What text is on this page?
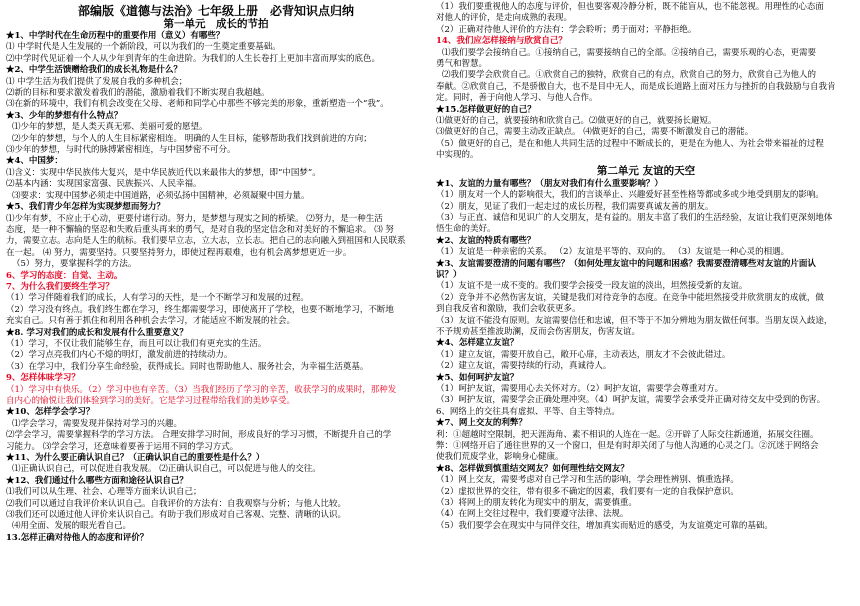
部编版《道德与法治》七年级上册　必背知识点归纳

第一单元　成长的节拍

★1、中学时代在生命历程中的重要作用（意义）有哪些？

⑴ 中学时代是人生发展的一个新阶段，可以为我们的一生奠定重要基础。

⑵中学时代见证着一个人从少年到青年的生命进阶。为我们的人生长卷打上更加丰富而厚实的底色。

★2、中学生活馈赠给我们的成长礼物是什么？

⑴ 中学生活为我们提供了发展自我的多种机会；

⑵新的目标和要求激发着我们的潜能，激励着我们不断实现自我超越。

⑶在新的环境中，我们有机会改变在父母、老师和同学心中那些不够完美的形象，重新塑造一个“我”。

★3、少年的梦想有什么特点？

⑴少年的梦想，是人类天真无邪、美丽可爱的愿望。

⑵少年的梦想，与个人的人生目标紧密相连。 明确的人生目标，能够帮助我们找到前进的方向；

⑶少年的梦想，与时代的脉搏紧密相连，与中国梦密不可分。

★4、中国梦：

⑴含义：实现中华民族伟大复兴，是中华民族近代以来最伟大的梦想，即“中国梦”。

⑵基本内涵：实现国家富强、民族振兴、人民幸福。

⑶要求：实现中国梦必须走中国道路，必须弘扬中国精神，必须凝聚中国力量。

★5、我们青少年怎样为实现梦想而努力？

⑴少年有梦，不应止于心动，更要付诸行动。努力，是梦想与现实之间的桥梁。 ⑵努力，是一种生活

态度，是一种不懈输的坚忍和失败后重头再来的勇气，是对自我的坚定信念和对美好的不懈追求。 ⑶ 努

力，需要立志。志向是人生的航标。我们要早立志，立大志，立长志。把自己的志向融入到祖国和人民联系

在一起。 ⑷ 努力，需要坚持。只要坚持努力，即使过程再艰难，也有机会离梦想更近一步。

（5）努力，要掌握科学的方法。

6、学习的态度：自觉、主动。

7、为什么我们要终生学习？

（1）学习伴随着我们的成长，人有学习的天性，是一个不断学习和发展的过程。

（2）学习没有终点。我们终生都在学习，终生都需要学习，即使离开了学校，也要不断地学习，不断地

充实自己。只有善于抓住和利用各种机会去学习，才能适应不断发展的社会。

★8. 学习对我们的成长和发展有什么重要意义？

（1）学习，不仅让我们能够生存，而且可以让我们有更充实的生活。

（2）学习点亮我们内心不熄的明灯，激发前进的持续动力。

（3）在学习中，我们分享生命经验，获得成长。同时也帮助他人、服务社会，为幸福生活奠基。

9、怎样体味学习？

（1）学习中有快乐。（2）学习中也有辛苦。（3）当我们经历了学习的辛苦，收获学习的成果时，那种发

自内心的愉悦让我们体验到学习的美好。它是学习过程带给我们的美妙享受。

★10、怎样学会学习？

⑴学会学习，需要发现并保持对学习的兴趣。

⑵学会学习，需要掌握科学的学习方法。 合理安排学习时间，形成良好的学习习惯，不断提升自己的学

习能力。 ⑶学会学习，还意味着要善于运用不同的学习方式。

★11、为什么要正确认识自己？（正确认识自己的重要性是什么？）

⑴正确认识自己，可以促进自我发展。 ⑵正确认识自己，可以促进与他人的交往。

★12、我们通过什么哪些方面和途径认识自己？

⑴我们可以从生理、社会、心理等方面来认识自己；

⑵我们可以通过自我评价来认识自己。自我评价的方法有：自我观察与分析；与他人比较。

⑶我们还可以通过他人评价来认识自己。有助于我们形成对自己客观、完整、清晰的认识。

⑷用全面、发展的眼光看自己。

13.怎样正确对待他人的态度和评价？

（1）我们要重视他人的态度与评价，但也要客观冷静分析，既不能盲从，也不能忽视。用理性的心态面

对他人的评价，是走向成熟的表现。

（2）正确对待他人评价的方法有：学会聆听；勇于面对；平静拒绝。

14、我们应怎样接纳与欣赏自己？

⑴我们要学会接纳自己。①接纳自己，需要接纳自己的全部。②接纳自己，需要乐观的心态，更需要

勇气和智慧。

⑵我们要学会欣赏自己。①欣赏自己的独特，欣赏自己的有点，欣赏自己的努力，欣赏自己为他人的

奉献。②欣赏自己，不是骄傲自大，也不是目中无人，而是成长道路上面对压力与挫折的自我鼓励与自我肯

定。同时，善于向他人学习、与他人合作。

★15.怎样做更好的自己？

⑴做更好的自己，就要接纳和欣赏自己。⑵做更好的自己，就要扬长避短。

⑶做更好的自己，需要主动改正缺点。 ⑷做更好的自己，需要不断激发自己的潜能。

（5）做更好的自己，是在和他人共同生活的过程中不断成长的，更是在为他人、为社会带来福祉的过程

中实现的。

第二单元 友谊的天空

★1、友谊的力量有哪些？（朋友对我们有什么重要影响？）

（1）朋友对一个人的影响很大，我们的言谈举止、兴趣爱好甚至性格等都或多或少地受到朋友的影响。

（2）朋友，见证了我们一起走过的成长历程，我们需要真诚友善的朋友。

（3）与正直、诚信和见识广的人交朋友，是有益的。朋友丰富了我们的生活经验，友谊让我们更深刻地体

悟生命的美好。

★2、友谊的特质有哪些？

（1）友谊是一种亲密的关系。 （2）友谊是平等的、双向的。 （3）友谊是一种心灵的相遇。

★3、友谊需要澄清的问题有哪些？（如何处理友谊中的问题和困惑？我需要澄清哪些对友谊的片面认

识？）

（1）友谊不是一成不变的。我们要学会接受一段友谊的淡出，坦然接受新的友谊。

（2）竞争并不必然伤害友谊，关键是我们对待竞争的态度。在竞争中能坦然接受并欣赏朋友的成就，做

到自我反省和激励，我们会收获更多。

（3）友谊不能没有原则。友谊需要信任和忠诚，但不等于不加分辨地为朋友做任何事。当朋友误入歧途，

不予规劝甚至推波助澜，反而会伤害朋友，伤害友谊。

★4、怎样建立友谊？

（1）建立友谊，需要开放自己，敞开心扉，主动表达，朋友才不会彼此错过。

（2）建立友谊，需要持续的行动，真诚待人。

★5、如何呵护友谊？

（1）呵护友谊，需要用心去关怀对方。（2）呵护友谊，需要学会尊重对方。

（3）呵护友谊，需要学会正确处理冲突。（4）呵护友谊，需要学会承受并正确对待交友中受到的伤害。

6、网络上的交往具有虚拟、平等、自主等特点。

★7、网上交友的利弊？

利：①超越时空限制，把天涯海角、素不相识的人连在一起。②开辟了人际交往新通道，拓展交往圈。

弊：①网络开启了通往世界的又一个窗口，但是有时却关闭了与他人沟通的心灵之门。②沉迷于网络会

使我们荒废学业，影响身心健康。

★8、怎样做到慎重结交网友？如何理性结交网友？

（1）网上交友，需要考虑对自己学习和生活的影响，学会理性辨别、慎重选择。

（2）虚拟世界的交往，带有很多不确定的因素，我们要有一定的自我保护意识。

（3）将网上的朋友转化为现实中的朋友，需要慎重。

（4）在网上交往过程中，我们要遵守法律、法规。

（5）我们要学会在现实中与同伴交往，增加真实而贴近的感受，为友谊奠定可靠的基础。
